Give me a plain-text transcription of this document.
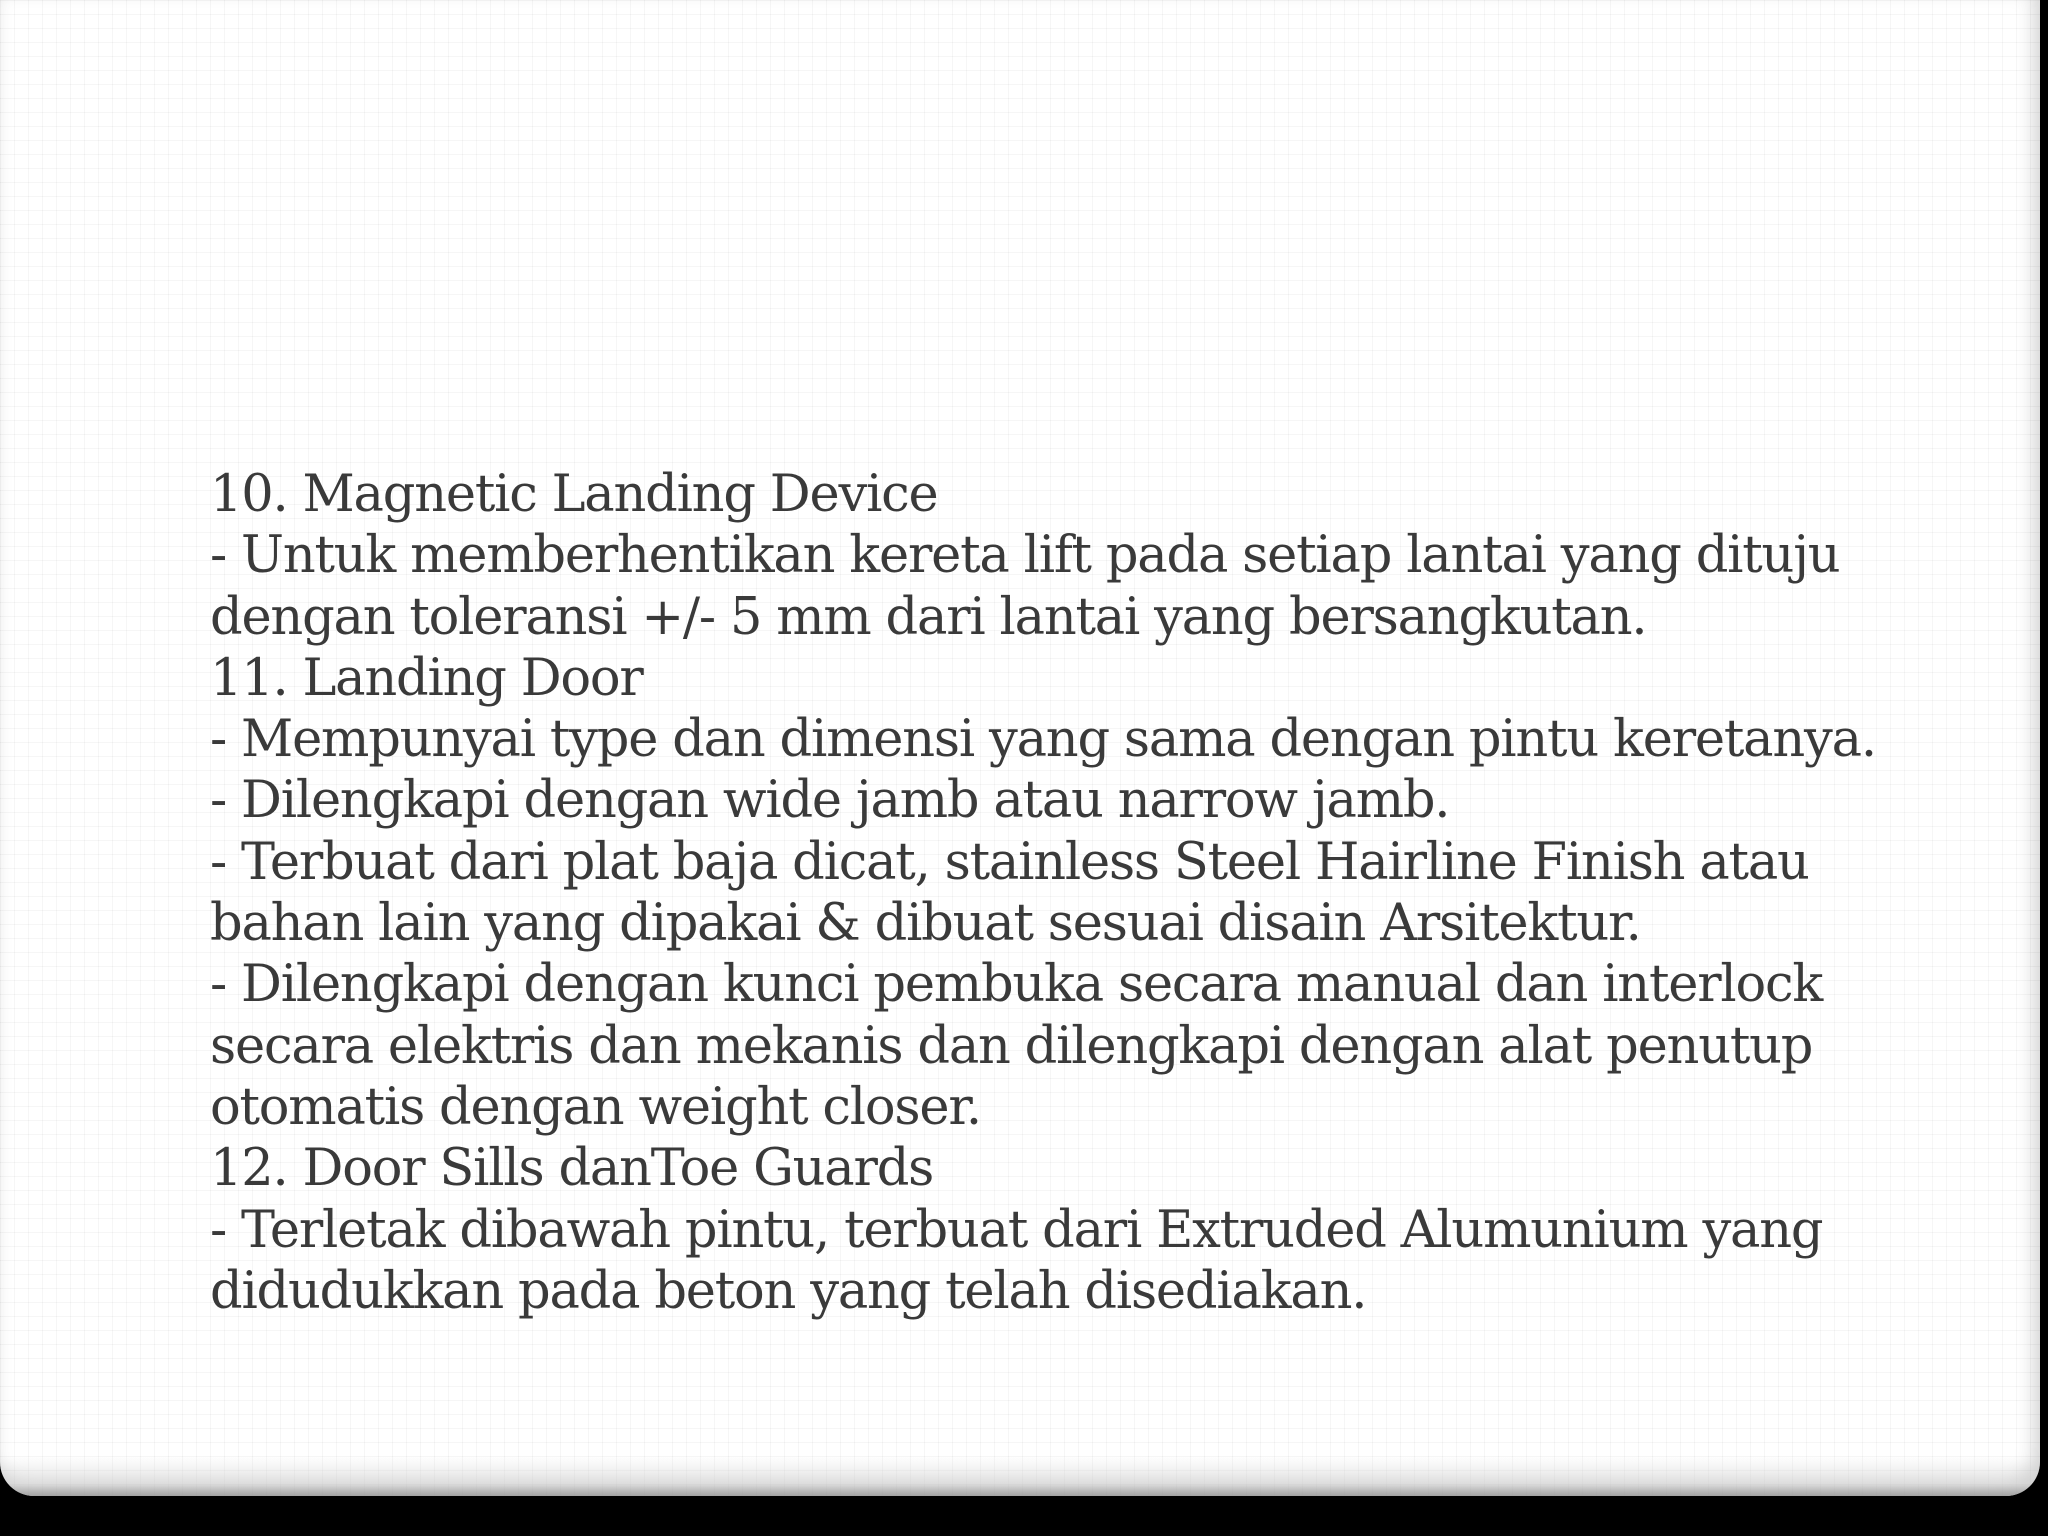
10. Magnetic Landing Device
- Untuk memberhentikan kereta lift pada setiap lantai yang dituju
dengan toleransi +/- 5 mm dari lantai yang bersangkutan.
11. Landing Door
- Mempunyai type dan dimensi yang sama dengan pintu keretanya.
- Dilengkapi dengan wide jamb atau narrow jamb.
- Terbuat dari plat baja dicat, stainless Steel Hairline Finish atau
bahan lain yang dipakai & dibuat sesuai disain Arsitektur.
- Dilengkapi dengan kunci pembuka secara manual dan interlock
secara elektris dan mekanis dan dilengkapi dengan alat penutup
otomatis dengan weight closer.
12. Door Sills danToe Guards
- Terletak dibawah pintu, terbuat dari Extruded Alumunium yang
didudukkan pada beton yang telah disediakan.
